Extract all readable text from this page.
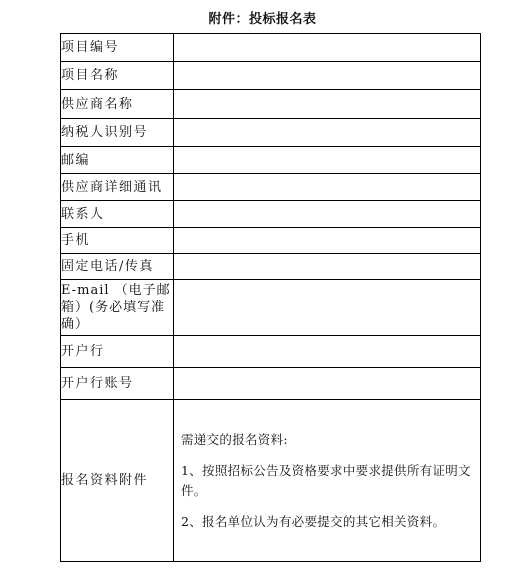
附件：投标报名表
项目编号	
项目名称	
供应商名称	
纳税人识别号	
邮编	
供应商详细通讯	
联系人	
手机	
固定电话/传真	
E-mail （电子邮箱）(务必填写准确）	
开户行	
开户行账号	
报名资料附件	需递交的报名资料:

1、按照招标公告及资格要求中要求提供所有证明文件。

2、报名单位认为有必要提交的其它相关资料。
